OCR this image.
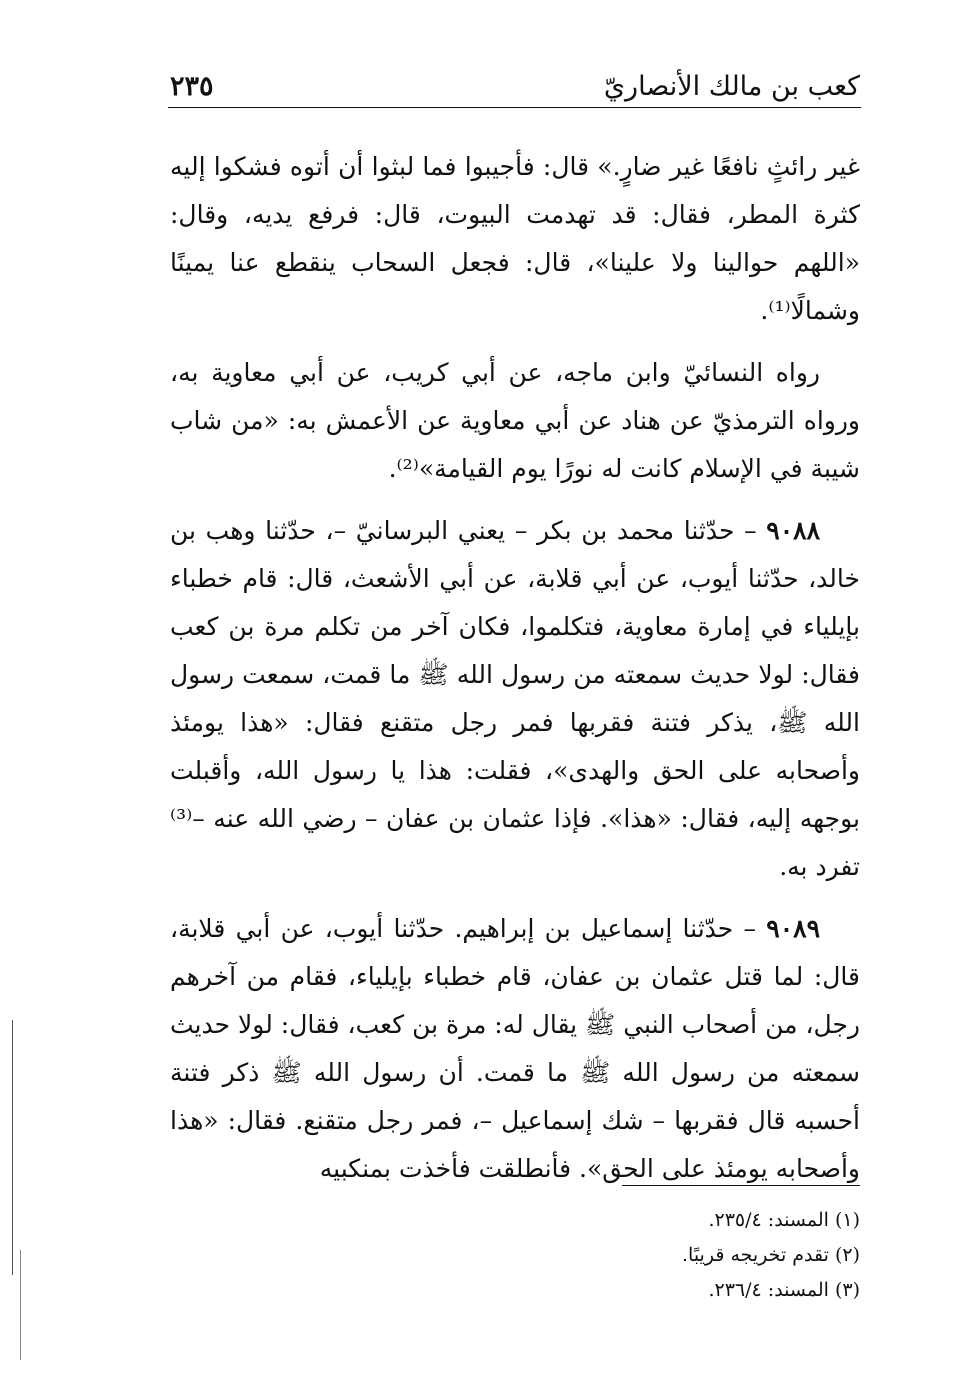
كعب بن مالك الأنصاريّ
٢٣٥

غير رائثٍ نافعًا غير ضارٍ.» قال: فأجيبوا فما لبثوا أن أتوه فشكوا إليه كثرة المطر، فقال: قد تهدمت البيوت، قال: فرفع يديه، وقال: «اللهم حوالينا ولا علينا»، قال: فجعل السحاب ينقطع عنا يمينًا وشمالًا⁽¹⁾.

رواه النسائيّ وابن ماجه، عن أبي كريب، عن أبي معاوية به، ورواه الترمذيّ عن هناد عن أبي معاوية عن الأعمش به: «من شاب شيبة في الإسلام كانت له نورًا يوم القيامة»⁽²⁾.

٩٠٨٨ – حدّثنا محمد بن بكر – يعني البرسانيّ –، حدّثنا وهب بن خالد، حدّثنا أيوب، عن أبي قلابة، عن أبي الأشعث، قال: قام خطباء بإيلياء في إمارة معاوية، فتكلموا، فكان آخر من تكلم مرة بن كعب فقال: لولا حديث سمعته من رسول الله ﷺ ما قمت، سمعت رسول الله ﷺ، يذكر فتنة فقربها فمر رجل متقنع فقال: «هذا يومئذ وأصحابه على الحق والهدى»، فقلت: هذا يا رسول الله، وأقبلت بوجهه إليه، فقال: «هذا». فإذا عثمان بن عفان – رضي الله عنه –⁽³⁾ تفرد به.

٩٠٨٩ – حدّثنا إسماعيل بن إبراهيم. حدّثنا أيوب، عن أبي قلابة، قال: لما قتل عثمان بن عفان، قام خطباء بإيلياء، فقام من آخرهم رجل، من أصحاب النبي ﷺ يقال له: مرة بن كعب، فقال: لولا حديث سمعته من رسول الله ﷺ ما قمت. أن رسول الله ﷺ ذكر فتنة أحسبه قال فقربها – شك إسماعيل –، فمر رجل متقنع. فقال: «هذا وأصحابه يومئذ على الحق». فأنطلقت فأخذت بمنكبيه

(١) المسند: ٢٣٥/٤.
(٢) تقدم تخريجه قريبًا.
(٣) المسند: ٢٣٦/٤.
